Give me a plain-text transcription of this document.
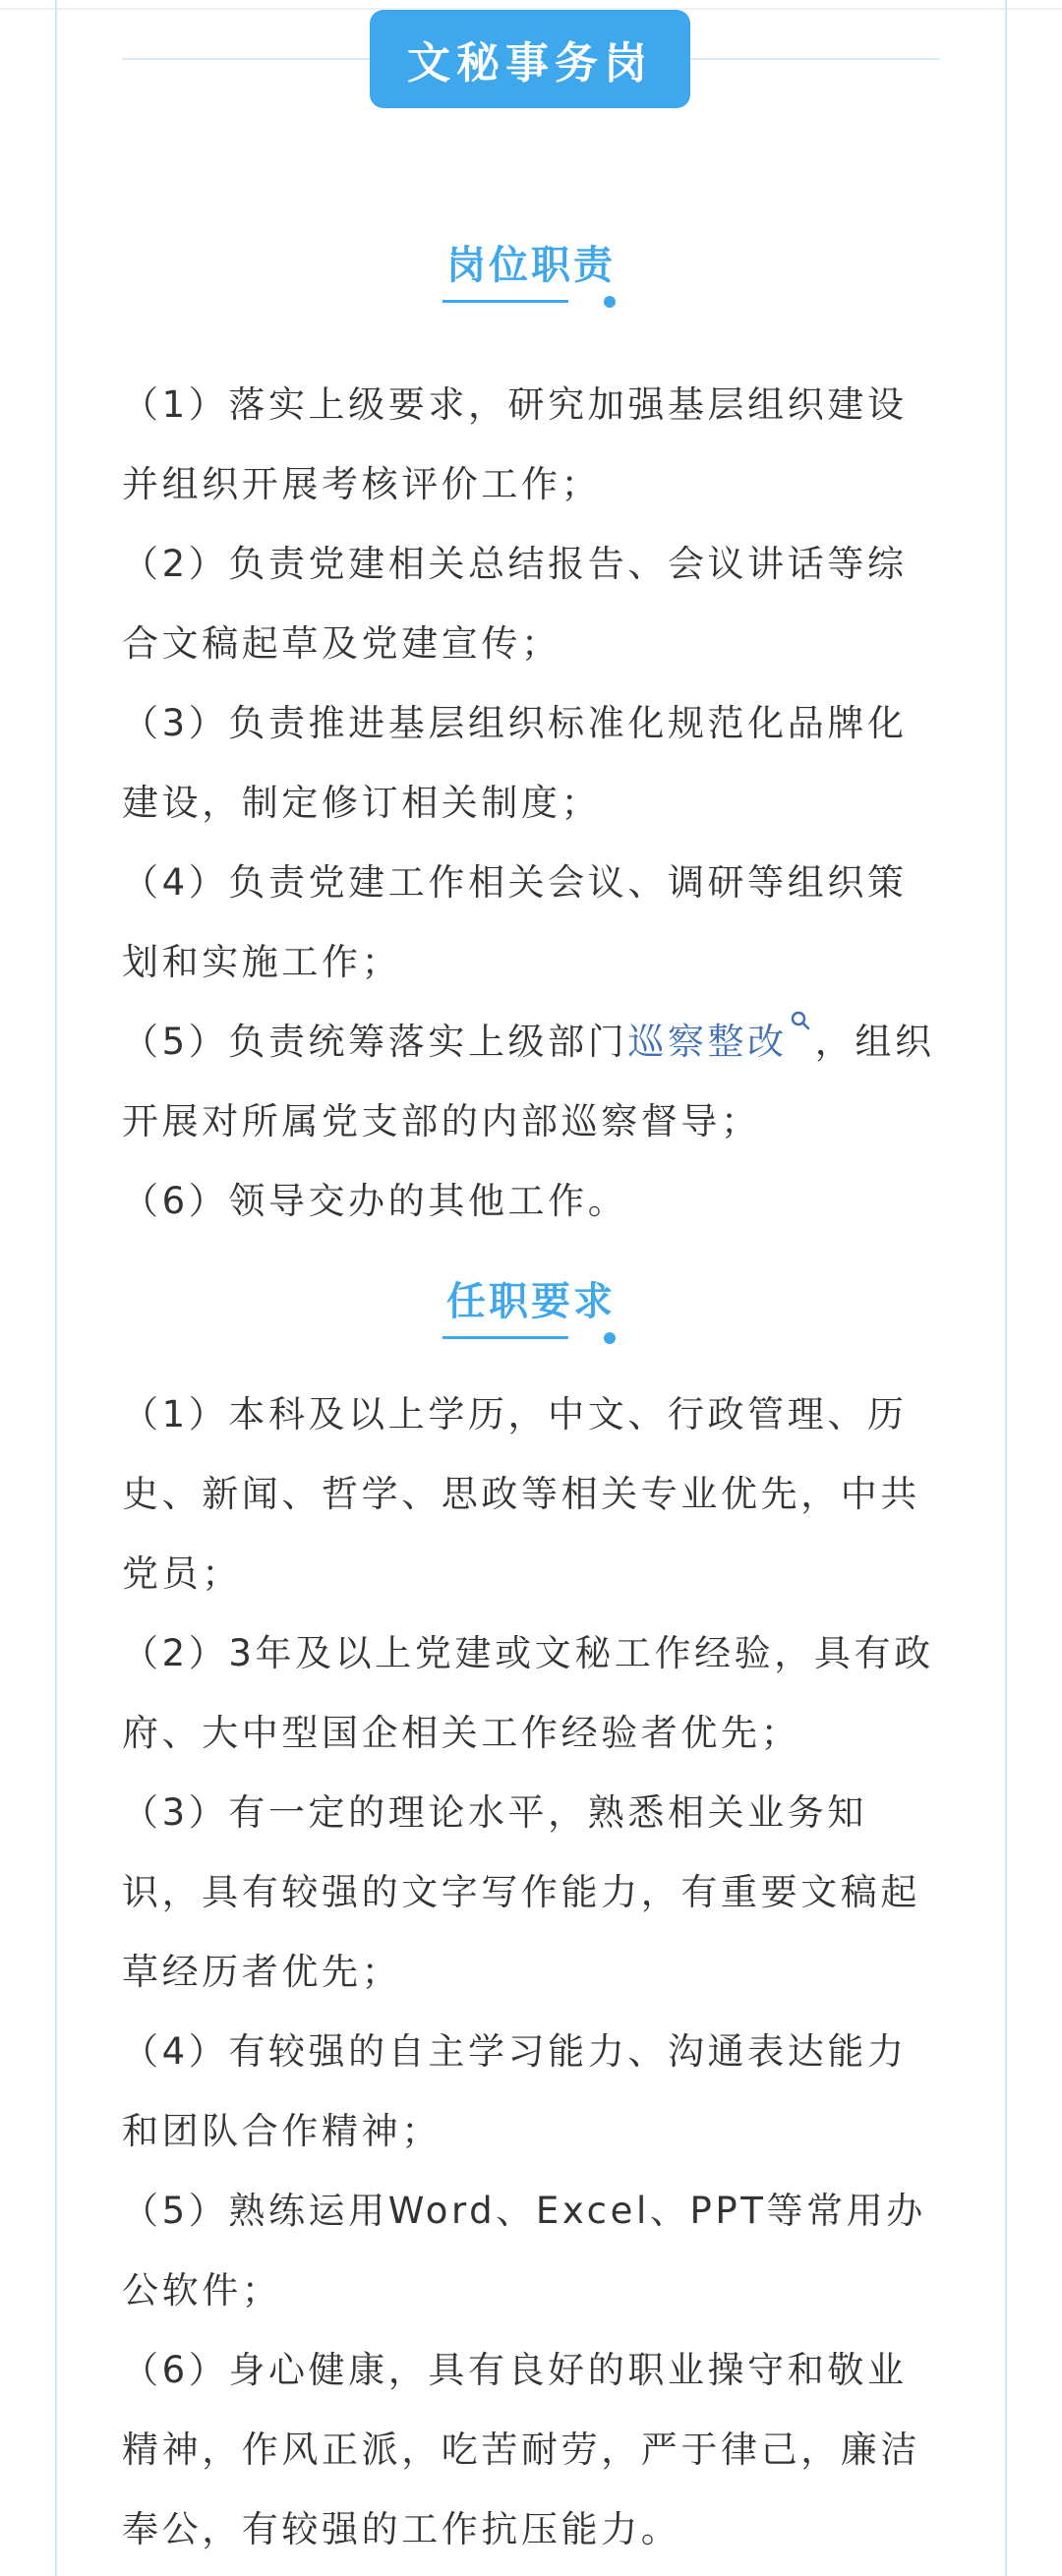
文秘事务岗
岗位职责

（1）落实上级要求，研究加强基层组织建设并组织开展考核评价工作；

（2）负责党建相关总结报告、会议讲话等综合文稿起草及党建宣传；

（3）负责推进基层组织标准化规范化品牌化建设，制定修订相关制度；

（4）负责党建工作相关会议、调研等组织策划和实施工作；

（5）负责统筹落实上级部门巡察整改 ，组织开展对所属党支部的内部巡察督导；

（6）领导交办的其他工作。

任职要求

（1）本科及以上学历，中文、行政管理、历史、新闻、哲学、思政等相关专业优先，中共党员；

（2）3年及以上党建或文秘工作经验，具有政府、大中型国企相关工作经验者优先；

（3）有一定的理论水平，熟悉相关业务知识，具有较强的文字写作能力，有重要文稿起草经历者优先；

（4）有较强的自主学习能力、沟通表达能力和团队合作精神；

（5）熟练运用Word、Excel、PPT等常用办公软件；

（6）身心健康，具有良好的职业操守和敬业精神，作风正派，吃苦耐劳，严于律己，廉洁奉公，有较强的工作抗压能力。
